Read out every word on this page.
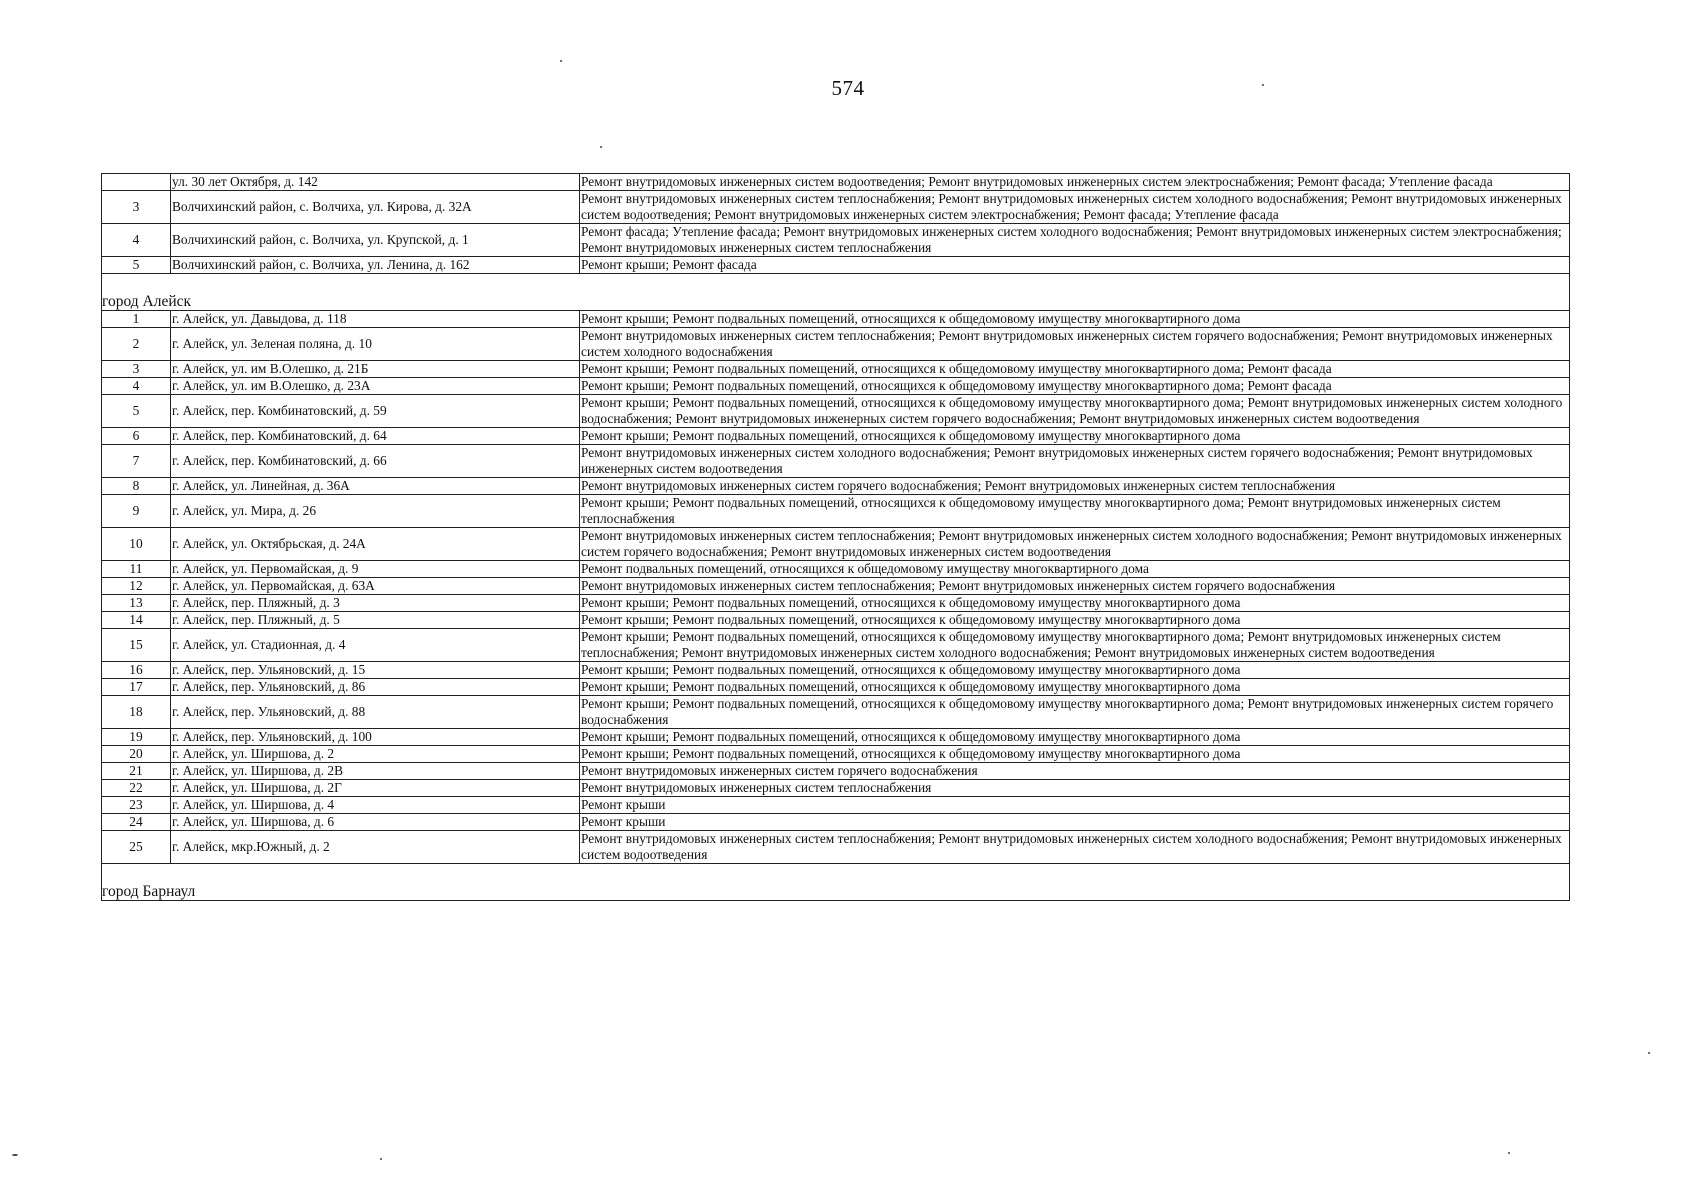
574
	ул. 30 лет Октября, д. 142	Ремонт внутридомовых инженерных систем водоотведения; Ремонт внутридомовых инженерных систем электроснабжения; Ремонт фасада; Утепление фасада
3	Волчихинский район, с. Волчиха, ул. Кирова, д. 32А	Ремонт внутридомовых инженерных систем теплоснабжения; Ремонт внутридомовых инженерных систем холодного водоснабжения; Ремонт внутридомовых инженерных систем водоотведения; Ремонт внутридомовых инженерных систем электроснабжения; Ремонт фасада; Утепление фасада
4	Волчихинский район, с. Волчиха, ул. Крупской, д. 1	Ремонт фасада; Утепление фасада; Ремонт внутридомовых инженерных систем холодного водоснабжения; Ремонт внутридомовых инженерных систем электроснабжения; Ремонт внутридомовых инженерных систем теплоснабжения
5	Волчихинский район, с. Волчиха, ул. Ленина, д. 162	Ремонт крыши; Ремонт фасада
город Алейск		
1	г. Алейск, ул. Давыдова, д. 118	Ремонт крыши; Ремонт подвальных помещений, относящихся к общедомовому имуществу многоквартирного дома
2	г. Алейск, ул. Зеленая поляна, д. 10	Ремонт внутридомовых инженерных систем теплоснабжения; Ремонт внутридомовых инженерных систем горячего водоснабжения; Ремонт внутридомовых инженерных систем холодного водоснабжения
3	г. Алейск, ул. им В.Олешко, д. 21Б	Ремонт крыши; Ремонт подвальных помещений, относящихся к общедомовому имуществу многоквартирного дома; Ремонт фасада
4	г. Алейск, ул. им В.Олешко, д. 23А	Ремонт крыши; Ремонт подвальных помещений, относящихся к общедомовому имуществу многоквартирного дома; Ремонт фасада
5	г. Алейск, пер. Комбинатовский, д. 59	Ремонт крыши; Ремонт подвальных помещений, относящихся к общедомовому имуществу многоквартирного дома; Ремонт внутридомовых инженерных систем холодного водоснабжения; Ремонт внутридомовых инженерных систем горячего водоснабжения; Ремонт внутридомовых инженерных систем водоотведения
6	г. Алейск, пер. Комбинатовский, д. 64	Ремонт крыши; Ремонт подвальных помещений, относящихся к общедомовому имуществу многоквартирного дома
7	г. Алейск, пер. Комбинатовский, д. 66	Ремонт внутридомовых инженерных систем холодного водоснабжения; Ремонт внутридомовых инженерных систем горячего водоснабжения; Ремонт внутридомовых инженерных систем водоотведения
8	г. Алейск, ул. Линейная, д. 36А	Ремонт внутридомовых инженерных систем горячего водоснабжения; Ремонт внутридомовых инженерных систем теплоснабжения
9	г. Алейск, ул. Мира, д. 26	Ремонт крыши; Ремонт подвальных помещений, относящихся к общедомовому имуществу многоквартирного дома; Ремонт внутридомовых инженерных систем теплоснабжения
10	г. Алейск, ул. Октябрьская, д. 24А	Ремонт внутридомовых инженерных систем теплоснабжения; Ремонт внутридомовых инженерных систем холодного водоснабжения; Ремонт внутридомовых инженерных систем горячего водоснабжения; Ремонт внутридомовых инженерных систем водоотведения
11	г. Алейск, ул. Первомайская, д. 9	Ремонт подвальных помещений, относящихся к общедомовому имуществу многоквартирного дома
12	г. Алейск, ул. Первомайская, д. 63А	Ремонт внутридомовых инженерных систем теплоснабжения; Ремонт внутридомовых инженерных систем горячего водоснабжения
13	г. Алейск, пер. Пляжный, д. 3	Ремонт крыши; Ремонт подвальных помещений, относящихся к общедомовому имуществу многоквартирного дома
14	г. Алейск, пер. Пляжный, д. 5	Ремонт крыши; Ремонт подвальных помещений, относящихся к общедомовому имуществу многоквартирного дома
15	г. Алейск, ул. Стадионная, д. 4	Ремонт крыши; Ремонт подвальных помещений, относящихся к общедомовому имуществу многоквартирного дома; Ремонт внутридомовых инженерных систем теплоснабжения; Ремонт внутридомовых инженерных систем холодного водоснабжения; Ремонт внутридомовых инженерных систем водоотведения
16	г. Алейск, пер. Ульяновский, д. 15	Ремонт крыши; Ремонт подвальных помещений, относящихся к общедомовому имуществу многоквартирного дома
17	г. Алейск, пер. Ульяновский, д. 86	Ремонт крыши; Ремонт подвальных помещений, относящихся к общедомовому имуществу многоквартирного дома
18	г. Алейск, пер. Ульяновский, д. 88	Ремонт крыши; Ремонт подвальных помещений, относящихся к общедомовому имуществу многоквартирного дома; Ремонт внутридомовых инженерных систем горячего водоснабжения
19	г. Алейск, пер. Ульяновский, д. 100	Ремонт крыши; Ремонт подвальных помещений, относящихся к общедомовому имуществу многоквартирного дома
20	г. Алейск, ул. Ширшова, д. 2	Ремонт крыши; Ремонт подвальных помещений, относящихся к общедомовому имуществу многоквартирного дома
21	г. Алейск, ул. Ширшова, д. 2В	Ремонт внутридомовых инженерных систем горячего водоснабжения
22	г. Алейск, ул. Ширшова, д. 2Г	Ремонт внутридомовых инженерных систем теплоснабжения
23	г. Алейск, ул. Ширшова, д. 4	Ремонт крыши
24	г. Алейск, ул. Ширшова, д. 6	Ремонт крыши
25	г. Алейск, мкр.Южный, д. 2	Ремонт внутридомовых инженерных систем теплоснабжения; Ремонт внутридомовых инженерных систем холодного водоснабжения; Ремонт внутридомовых инженерных систем водоотведения
город Барнаул		
